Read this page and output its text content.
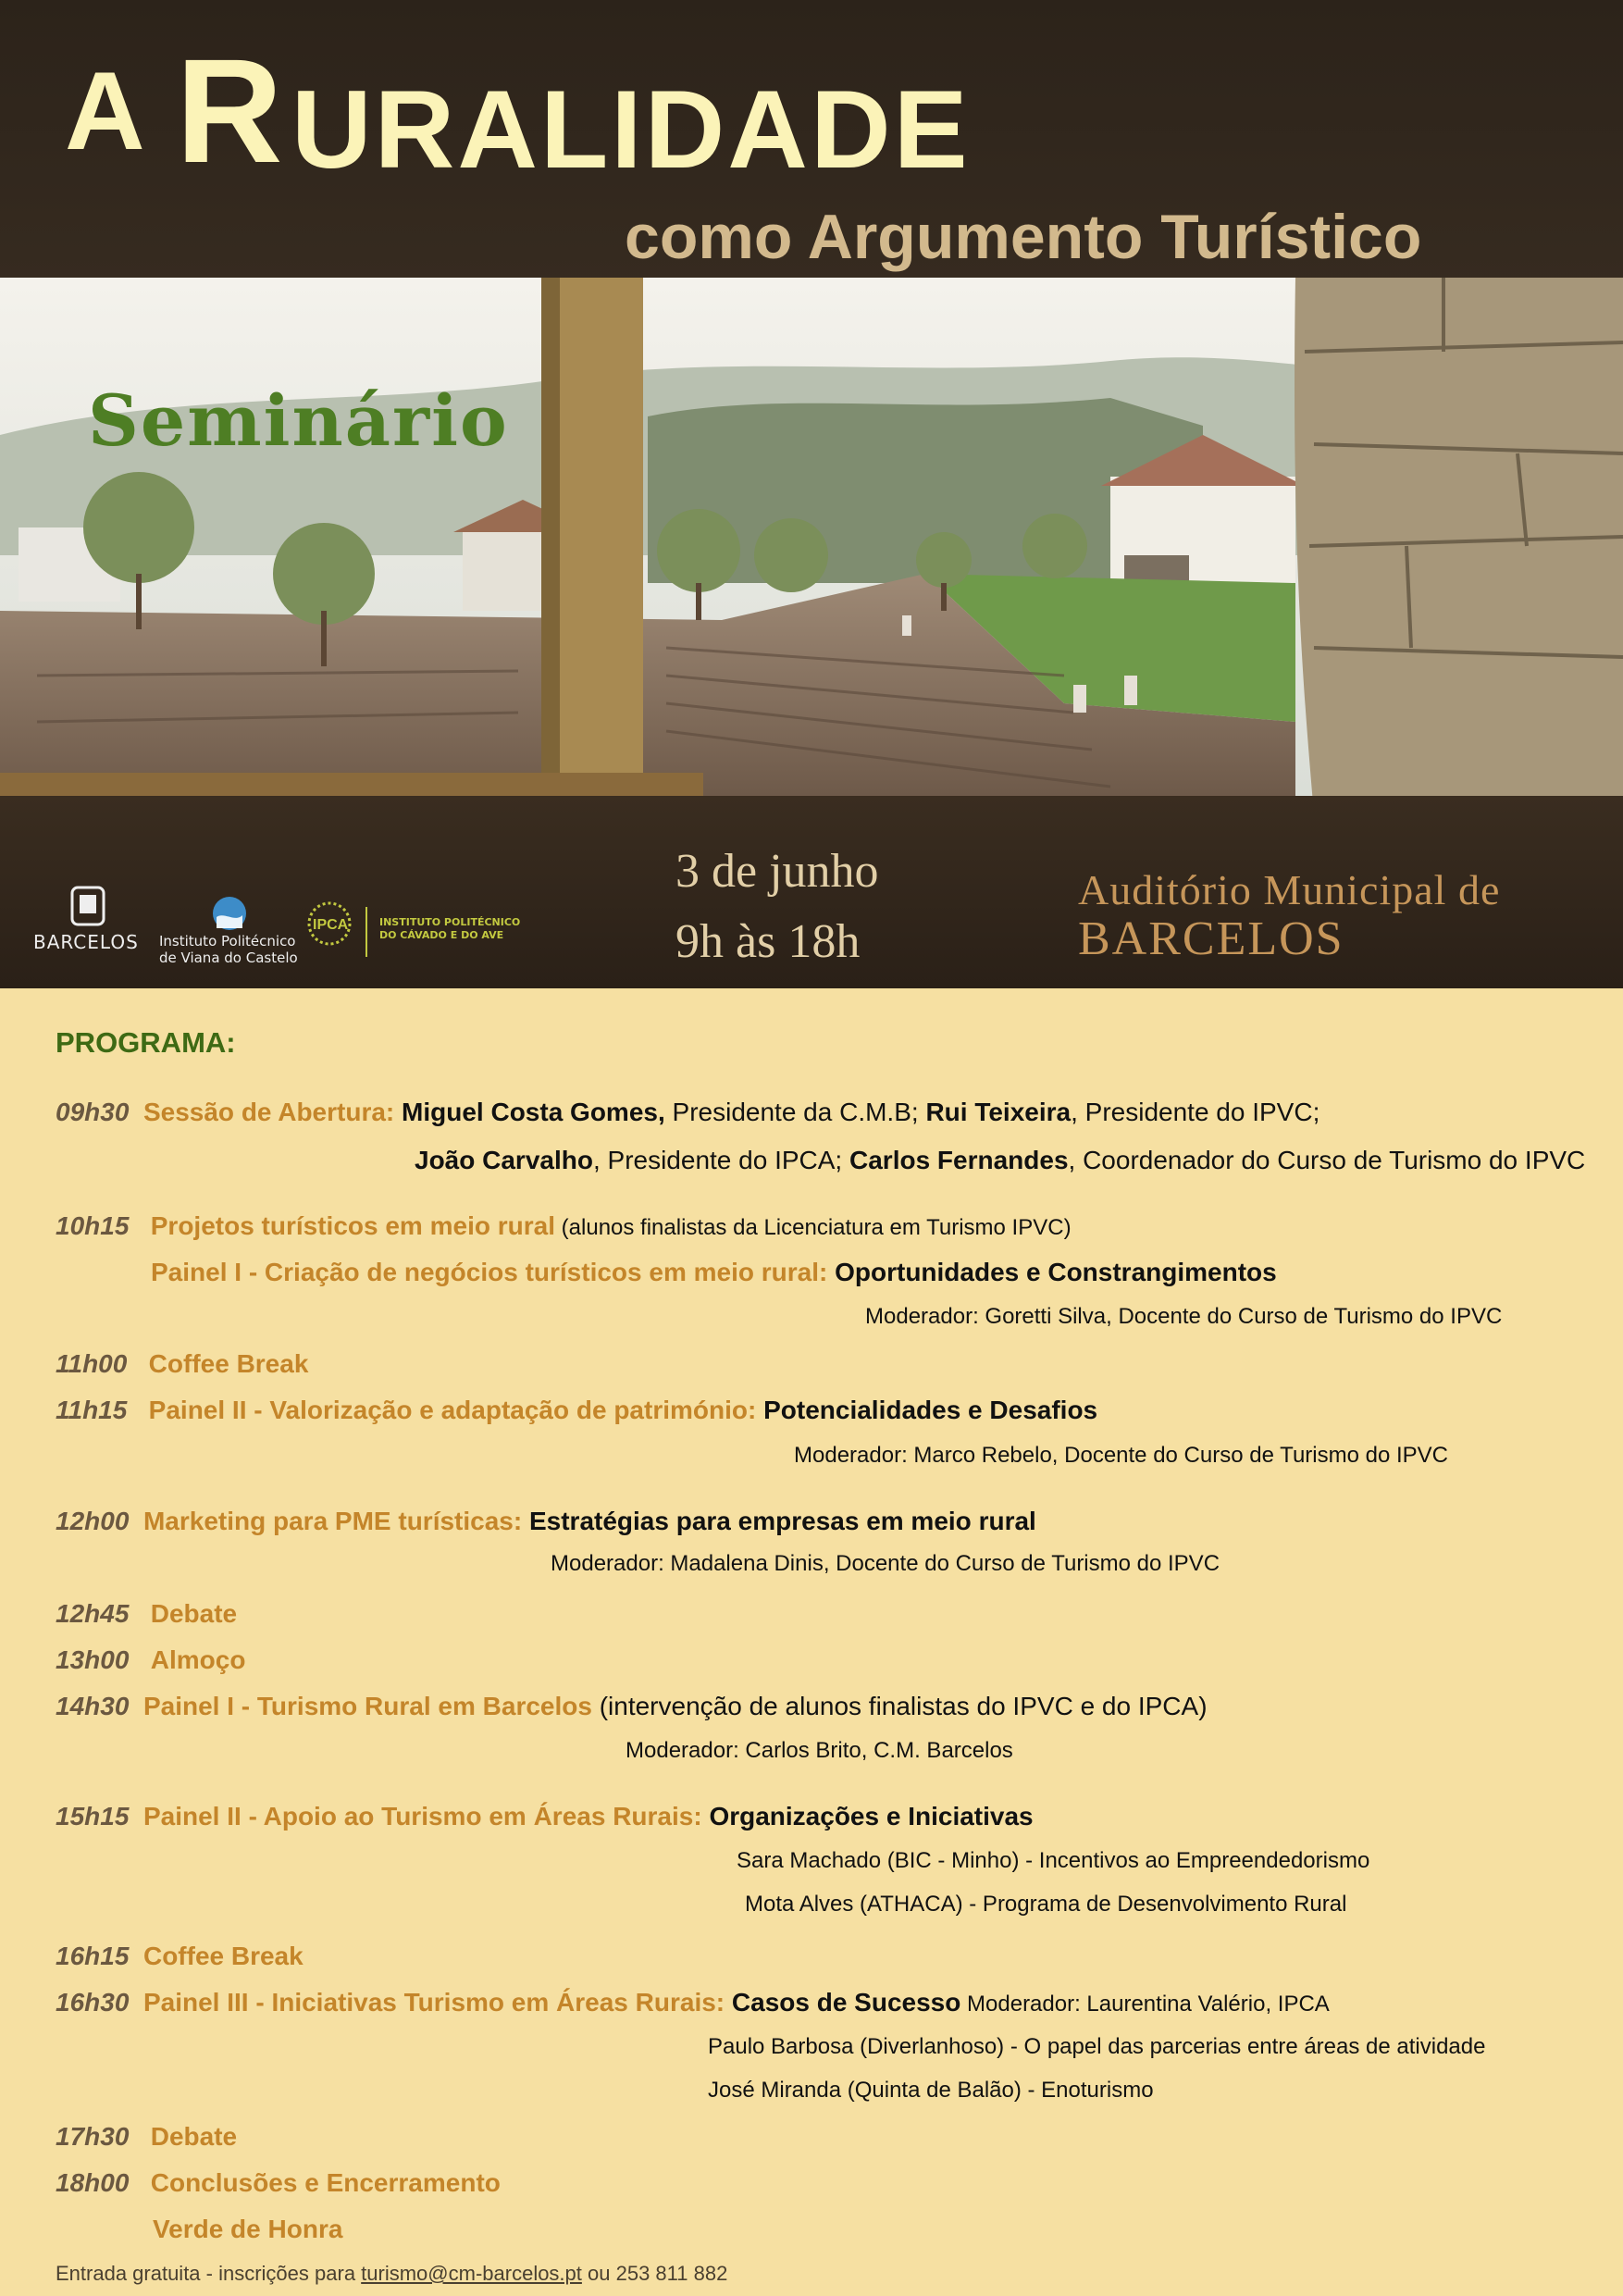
A R URALIDADE
como Argumento Turístico
Seminário
3 de junho
9h às 18h
Auditório Municipal de
BARCELOS
BARCELOS Instituto Politécnico
de Viana do Castelo
IPCA	INSTITUTO POLITÉCNICO
DO CÁVADO E DO AVE
PROGRAMA:
09h30 Sessão de Abertura: Miguel Costa Gomes, Presidente da C.M.B; Rui Teixeira, Presidente do IPVC;
João Carvalho, Presidente do IPCA; Carlos Fernandes, Coordenador do Curso de Turismo do IPVC
10h15 Projetos turísticos em meio rural (alunos finalistas da Licenciatura em Turismo IPVC)
Painel I - Criação de negócios turísticos em meio rural: Oportunidades e Constrangimentos
Moderador: Goretti Silva, Docente do Curso de Turismo do IPVC
11h00 Coffee Break
11h15 Painel II - Valorização e adaptação de património: Potencialidades e Desafios
Moderador: Marco Rebelo, Docente do Curso de Turismo do IPVC
12h00 Marketing para PME turísticas: Estratégias para empresas em meio rural
Moderador: Madalena Dinis, Docente do Curso de Turismo do IPVC
12h45 Debate
13h00 Almoço
14h30 Painel I - Turismo Rural em Barcelos (intervenção de alunos finalistas do IPVC e do IPCA)
Moderador: Carlos Brito, C.M. Barcelos
15h15 Painel II - Apoio ao Turismo em Áreas Rurais: Organizações e Iniciativas
Sara Machado (BIC - Minho) - Incentivos ao Empreendedorismo
Mota Alves (ATHACA) - Programa de Desenvolvimento Rural
16h15 Coffee Break
16h30 Painel III - Iniciativas Turismo em Áreas Rurais: Casos de Sucesso Moderador: Laurentina Valério, IPCA
Paulo Barbosa (Diverlanhoso) - O papel das parcerias entre áreas de atividade
José Miranda (Quinta de Balão) - Enoturismo
17h30 Debate
18h00 Conclusões e Encerramento
Verde de Honra
Entrada gratuita - inscrições para turismo@cm-barcelos.pt ou 253 811 882
